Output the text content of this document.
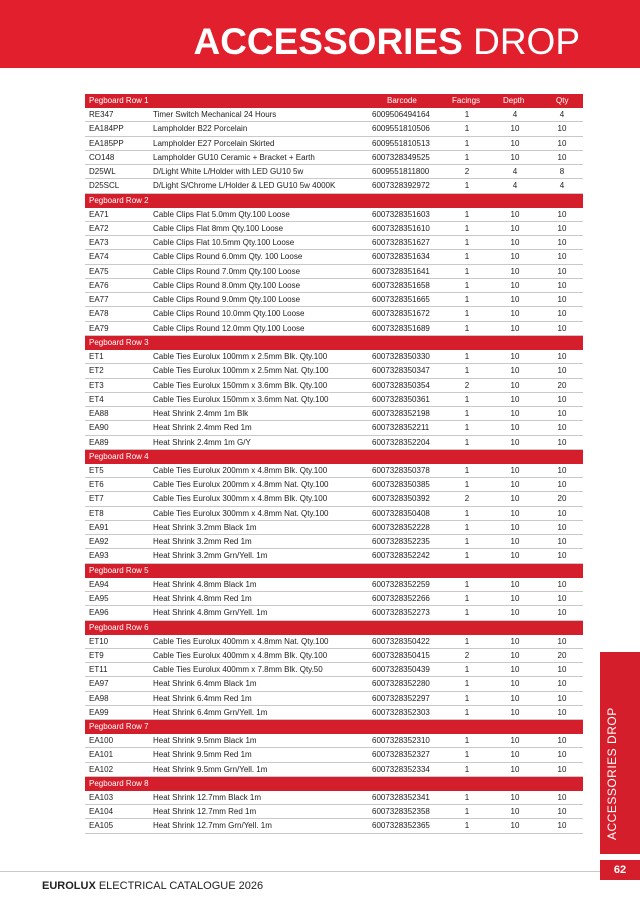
ACCESSORIES DROP
Pegboard Row 1	Barcode	Facings	Depth	Qty
RE347	Timer Switch Mechanical 24 Hours	6009506494164	1	4	4
EA184PP	Lampholder B22 Porcelain	6009551810506	1	10	10
EA185PP	Lampholder E27 Porcelain Skirted	6009551810513	1	10	10
CO148	Lampholder GU10 Ceramic + Bracket + Earth	6007328349525	1	10	10
D25WL	D/Light White L/Holder with LED GU10 5w	6009551811800	2	4	8
D25SCL	D/Light S/Chrome L/Holder & LED GU10 5w 4000K	6007328392972	1	4	4
Pegboard Row 2
EA71	Cable Clips Flat 5.0mm Qty.100 Loose	6007328351603	1	10	10
EA72	Cable Clips Flat 8mm Qty.100 Loose	6007328351610	1	10	10
EA73	Cable Clips Flat 10.5mm Qty.100 Loose	6007328351627	1	10	10
EA74	Cable Clips Round 6.0mm Qty. 100 Loose	6007328351634	1	10	10
EA75	Cable Clips Round 7.0mm Qty.100 Loose	6007328351641	1	10	10
EA76	Cable Clips Round 8.0mm Qty.100 Loose	6007328351658	1	10	10
EA77	Cable Clips Round 9.0mm Qty.100 Loose	6007328351665	1	10	10
EA78	Cable Clips Round 10.0mm Qty.100 Loose	6007328351672	1	10	10
EA79	Cable Clips Round 12.0mm Qty.100 Loose	6007328351689	1	10	10
Pegboard Row 3
ET1	Cable Ties Eurolux 100mm x 2.5mm Blk. Qty.100	6007328350330	1	10	10
ET2	Cable Ties Eurolux 100mm x 2.5mm Nat. Qty.100	6007328350347	1	10	10
ET3	Cable Ties Eurolux 150mm x 3.6mm Blk. Qty.100	6007328350354	2	10	20
ET4	Cable Ties Eurolux 150mm x 3.6mm Nat. Qty.100	6007328350361	1	10	10
EA88	Heat Shrink 2.4mm 1m Blk	6007328352198	1	10	10
EA90	Heat Shrink 2.4mm Red 1m	6007328352211	1	10	10
EA89	Heat Shrink 2.4mm 1m G/Y	6007328352204	1	10	10
Pegboard Row 4
ET5	Cable Ties Eurolux 200mm x 4.8mm Blk. Qty.100	6007328350378	1	10	10
ET6	Cable Ties Eurolux 200mm x 4.8mm Nat. Qty.100	6007328350385	1	10	10
ET7	Cable Ties Eurolux 300mm x 4.8mm Blk. Qty.100	6007328350392	2	10	20
ET8	Cable Ties Eurolux 300mm x 4.8mm Nat. Qty.100	6007328350408	1	10	10
EA91	Heat Shrink 3.2mm Black 1m	6007328352228	1	10	10
EA92	Heat Shrink 3.2mm Red 1m	6007328352235	1	10	10
EA93	Heat Shrink 3.2mm Grn/Yell. 1m	6007328352242	1	10	10
Pegboard Row 5
EA94	Heat Shrink 4.8mm Black 1m	6007328352259	1	10	10
EA95	Heat Shrink 4.8mm Red 1m	6007328352266	1	10	10
EA96	Heat Shrink 4.8mm Grn/Yell. 1m	6007328352273	1	10	10
Pegboard Row 6
ET10	Cable Ties Eurolux 400mm x 4.8mm Nat. Qty.100	6007328350422	1	10	10
ET9	Cable Ties Eurolux 400mm x 4.8mm Blk. Qty.100	6007328350415	2	10	20
ET11	Cable Ties Eurolux 400mm x 7.8mm Blk. Qty.50	6007328350439	1	10	10
EA97	Heat Shrink 6.4mm Black 1m	6007328352280	1	10	10
EA98	Heat Shrink 6.4mm Red 1m	6007328352297	1	10	10
EA99	Heat Shrink 6.4mm Grn/Yell. 1m	6007328352303	1	10	10
Pegboard Row 7
EA100	Heat Shrink 9.5mm Black 1m	6007328352310	1	10	10
EA101	Heat Shrink 9.5mm Red 1m	6007328352327	1	10	10
EA102	Heat Shrink 9.5mm Grn/Yell. 1m	6007328352334	1	10	10
Pegboard Row 8
EA103	Heat Shrink 12.7mm Black 1m	6007328352341	1	10	10
EA104	Heat Shrink 12.7mm Red 1m	6007328352358	1	10	10
EA105	Heat Shrink 12.7mm Grn/Yell. 1m	6007328352365	1	10	10	ACCESSORIES DROP
62
EUROLUX ELECTRICAL CATALOGUE 2026
